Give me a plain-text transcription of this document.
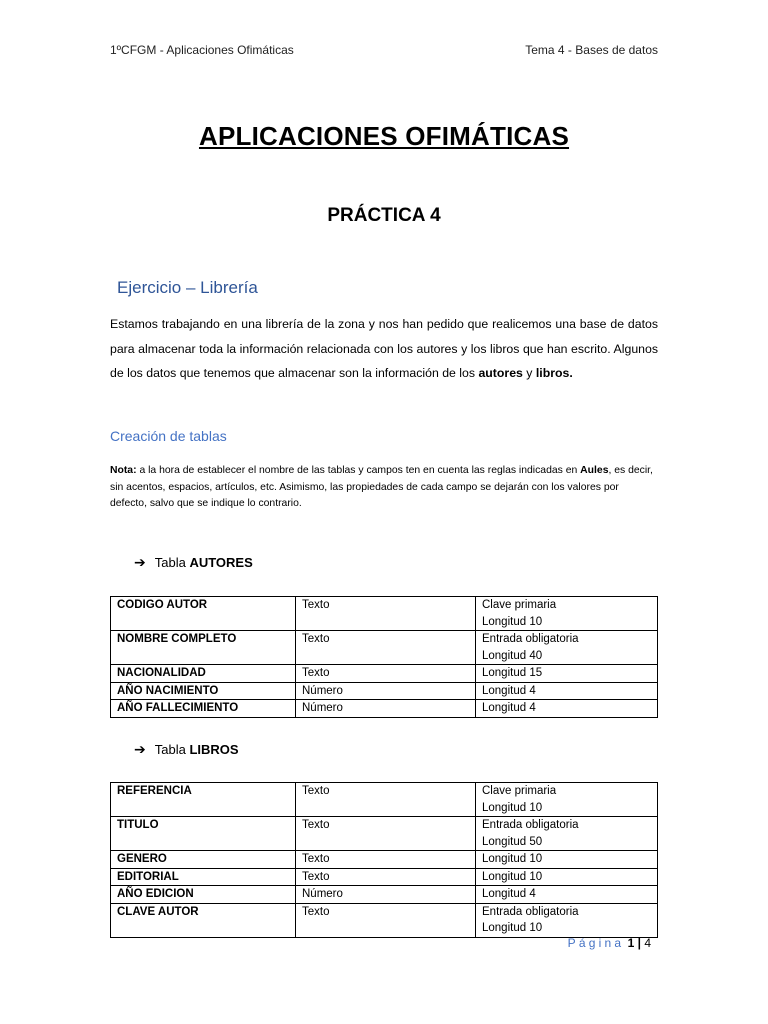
1ºCFGM - Aplicaciones Ofimáticas	Tema 4 - Bases de datos
APLICACIONES OFIMÁTICAS
PRÁCTICA 4
Ejercicio – Librería
Estamos trabajando en una librería de la zona y nos han pedido que realicemos una base de datos para almacenar toda la información relacionada con los autores y los libros que han escrito. Algunos de los datos que tenemos que almacenar son la información de los autores y libros.
Creación de tablas
Nota: a la hora de establecer el nombre de las tablas y campos ten en cuenta las reglas indicadas en Aules, es decir, sin acentos, espacios, artículos, etc. Asimismo, las propiedades de cada campo se dejarán con los valores por defecto, salvo que se indique lo contrario.
➔ Tabla AUTORES
CODIGO AUTOR	Texto	Clave primaria
Longitud 10

NOMBRE COMPLETO	Texto	Entrada obligatoria
Longitud 40

NACIONALIDAD	Texto	Longitud 15

AÑO NACIMIENTO	Número	Longitud 4

AÑO FALLECIMIENTO	Número	Longitud 4
➔ Tabla LIBROS
REFERENCIA	Texto	Clave primaria
Longitud 10

TITULO	Texto	Entrada obligatoria
Longitud 50

GENERO	Texto	Longitud 10

EDITORIAL	Texto	Longitud 10

AÑO EDICION	Número	Longitud 4

CLAVE AUTOR	Texto	Entrada obligatoria
Longitud 10
Página 1 | 4
